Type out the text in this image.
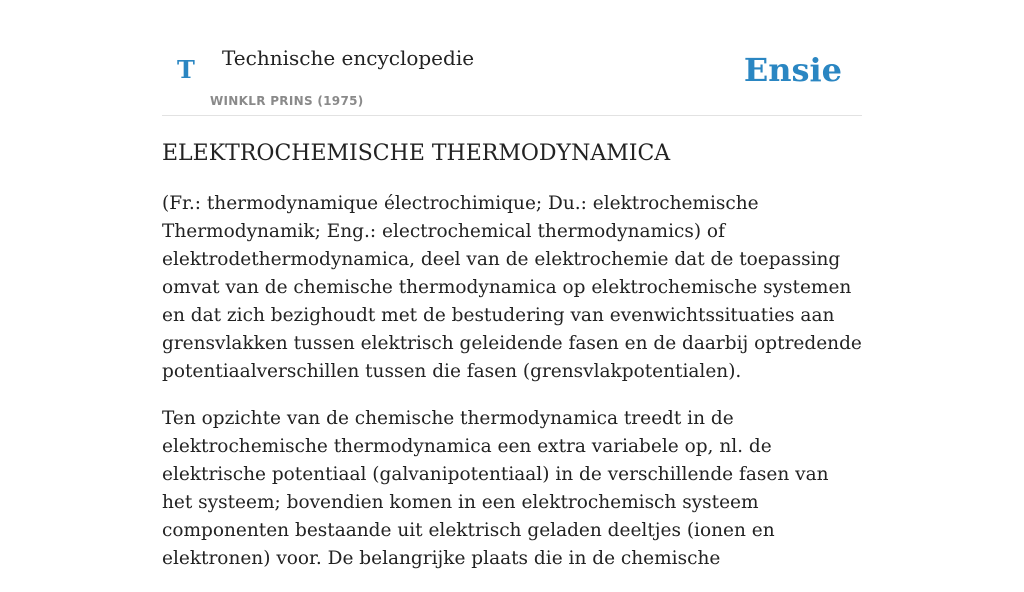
T Technische encyclopedie
WINKLR PRINS (1975)
Ensie
ELEKTROCHEMISCHE THERMODYNAMICA

(Fr.: thermodynamique électrochimique; Du.: elektrochemische Thermodynamik; Eng.: electrochemical thermodynamics) of elektrodethermodynamica, deel van de elektrochemie dat de toepassing omvat van de chemische thermodynamica op elektrochemische systemen en dat zich bezighoudt met de bestudering van evenwichtssituaties aan grensvlakken tussen elektrisch geleidende fasen en de daarbij optredende potentiaalverschillen tussen die fasen (grensvlakpotentialen).

Ten opzichte van de chemische thermodynamica treedt in de elektrochemische thermodynamica een extra variabele op, nl. de elektrische potentiaal (galvanipotentiaal) in de verschillende fasen van het systeem; bovendien komen in een elektrochemisch systeem componenten bestaande uit elektrisch geladen deeltjes (ionen en elektronen) voor. De belangrijke plaats die in de chemische
